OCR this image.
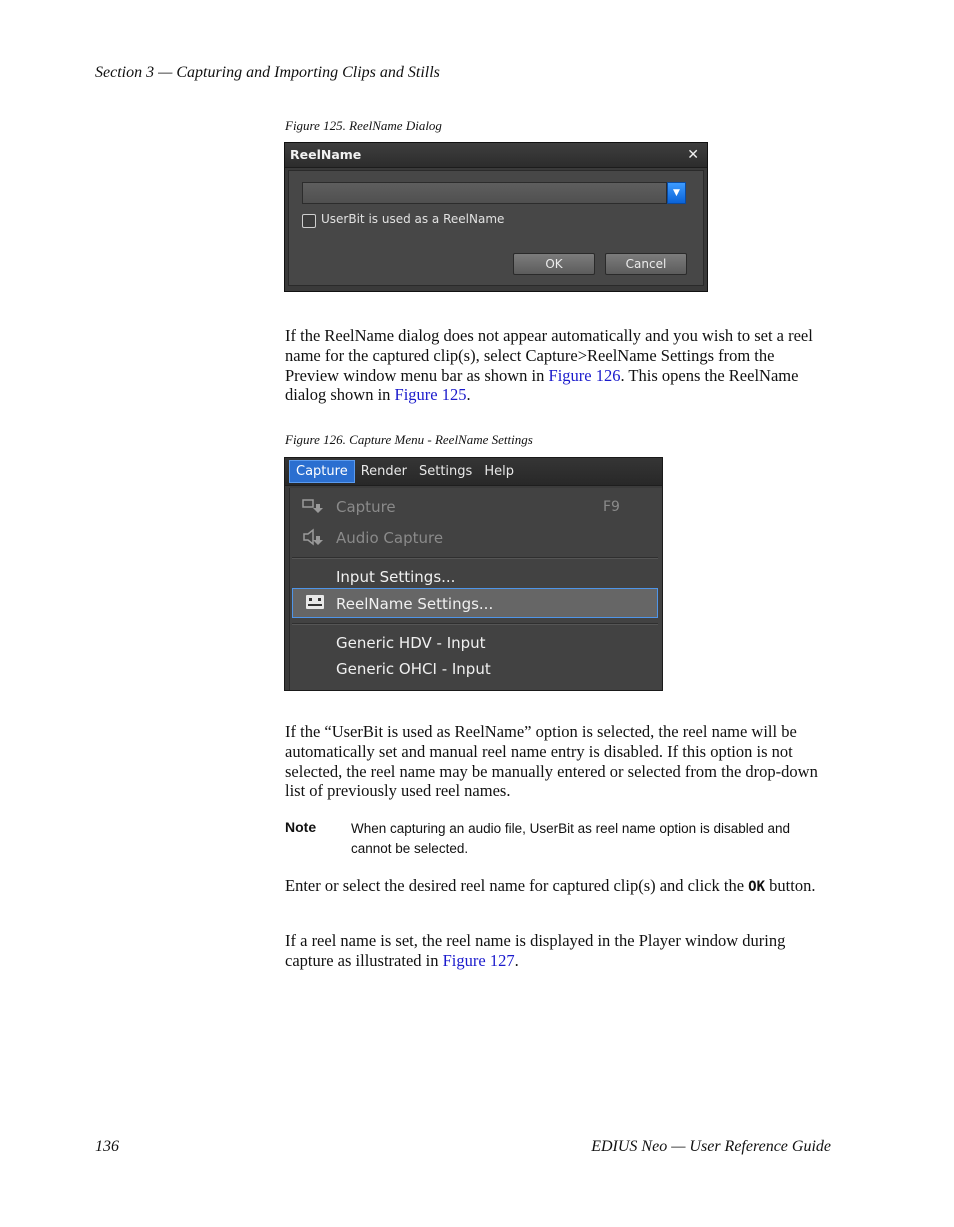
Section 3 — Capturing and Importing Clips and Stills
Figure 125. ReelName Dialog
ReelName	✕
▼
UserBit is used as a ReelName
OK	Cancel

If the ReelName dialog does not appear automatically and you wish to set a reel name for the captured clip(s), select Capture>ReelName Settings from the Preview window menu bar as shown in Figure 126. This opens the ReelName dialog shown in Figure 125.

Figure 126. Capture Menu - ReelName Settings
Capture	Render Settings Help
Capture	F9
Audio Capture
Input Settings...
ReelName Settings...
Generic HDV - Input
Generic OHCI - Input

If the “UserBit is used as ReelName” option is selected, the reel name will be automatically set and manual reel name entry is disabled. If this option is not selected, the reel name may be manually entered or selected from the drop-down list of previously used reel names.

Note	When capturing an audio file, UserBit as reel name option is disabled and cannot be selected.

Enter or select the desired reel name for captured clip(s) and click the OK button.

If a reel name is set, the reel name is displayed in the Player window during capture as illustrated in Figure 127.

136	EDIUS Neo — User Reference Guide
